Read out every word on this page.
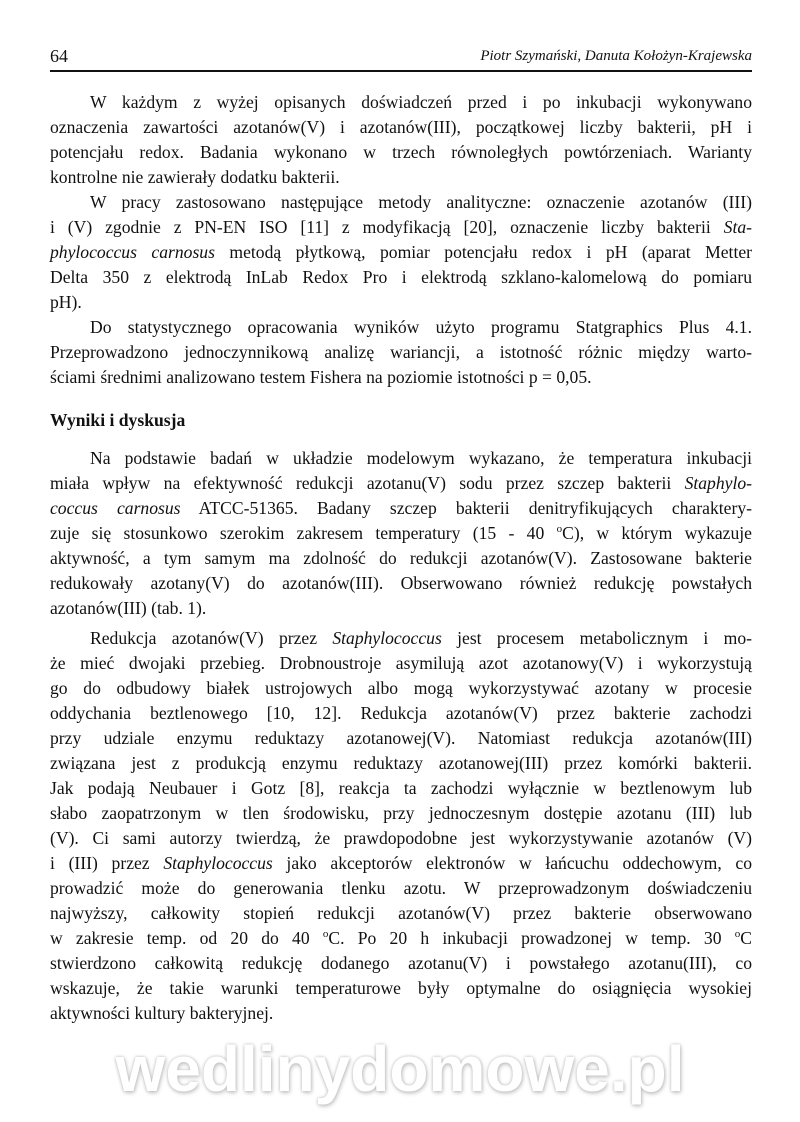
64	Piotr Szymański, Danuta Kołożyn-Krajewska
W każdym z wyżej opisanych doświadczeń przed i po inkubacji wykonywano
oznaczenia zawartości azotanów(V) i azotanów(III), początkowej liczby bakterii, pH i
potencjału redox. Badania wykonano w trzech równoległych powtórzeniach. Warianty
kontrolne nie zawierały dodatku bakterii.
W pracy zastosowano następujące metody analityczne: oznaczenie azotanów (III)
i (V) zgodnie z PN-EN ISO [11] z modyfikacją [20], oznaczenie liczby bakterii Sta-
phylococcus carnosus metodą płytkową, pomiar potencjału redox i pH (aparat Metter
Delta 350 z elektrodą InLab Redox Pro i elektrodą szklano-kalomelową do pomiaru
pH).
Do statystycznego opracowania wyników użyto programu Statgraphics Plus 4.1.
Przeprowadzono jednoczynnikową analizę wariancji, a istotność różnic między warto-
ściami średnimi analizowano testem Fishera na poziomie istotności p = 0,05.
Wyniki i dyskusja
Na podstawie badań w układzie modelowym wykazano, że temperatura inkubacji
miała wpływ na efektywność redukcji azotanu(V) sodu przez szczep bakterii Staphylo-
coccus carnosus ATCC-51365. Badany szczep bakterii denitryfikujących charaktery-
zuje się stosunkowo szerokim zakresem temperatury (15 - 40 $^o$C), w którym wykazuje
aktywność, a tym samym ma zdolność do redukcji azotanów(V). Zastosowane bakterie
redukowały azotany(V) do azotanów(III). Obserwowano również redukcję powstałych
azotanów(III) (tab. 1).
Redukcja azotanów(V) przez Staphylococcus jest procesem metabolicznym i mo-
że mieć dwojaki przebieg. Drobnoustroje asymilują azot azotanowy(V) i wykorzystują
go do odbudowy białek ustrojowych albo mogą wykorzystywać azotany w procesie
oddychania beztlenowego [10, 12]. Redukcja azotanów(V) przez bakterie zachodzi
przy udziale enzymu reduktazy azotanowej(V). Natomiast redukcja azotanów(III)
związana jest z produkcją enzymu reduktazy azotanowej(III) przez komórki bakterii.
Jak podają Neubauer i Gotz [8], reakcja ta zachodzi wyłącznie w beztlenowym lub
słabo zaopatrzonym w tlen środowisku, przy jednoczesnym dostępie azotanu (III) lub
(V). Ci sami autorzy twierdzą, że prawdopodobne jest wykorzystywanie azotanów (V)
i (III) przez Staphylococcus jako akceptorów elektronów w łańcuchu oddechowym, co
prowadzić może do generowania tlenku azotu. W przeprowadzonym doświadczeniu
najwyższy, całkowity stopień redukcji azotanów(V) przez bakterie obserwowano
w zakresie temp. od 20 do 40 $^o$C. Po 20 h inkubacji prowadzonej w temp. 30 $^o$C
stwierdzono całkowitą redukcję dodanego azotanu(V) i powstałego azotanu(III), co
wskazuje, że takie warunki temperaturowe były optymalne do osiągnięcia wysokiej
aktywności kultury bakteryjnej.
wedlinydomowe.pl
